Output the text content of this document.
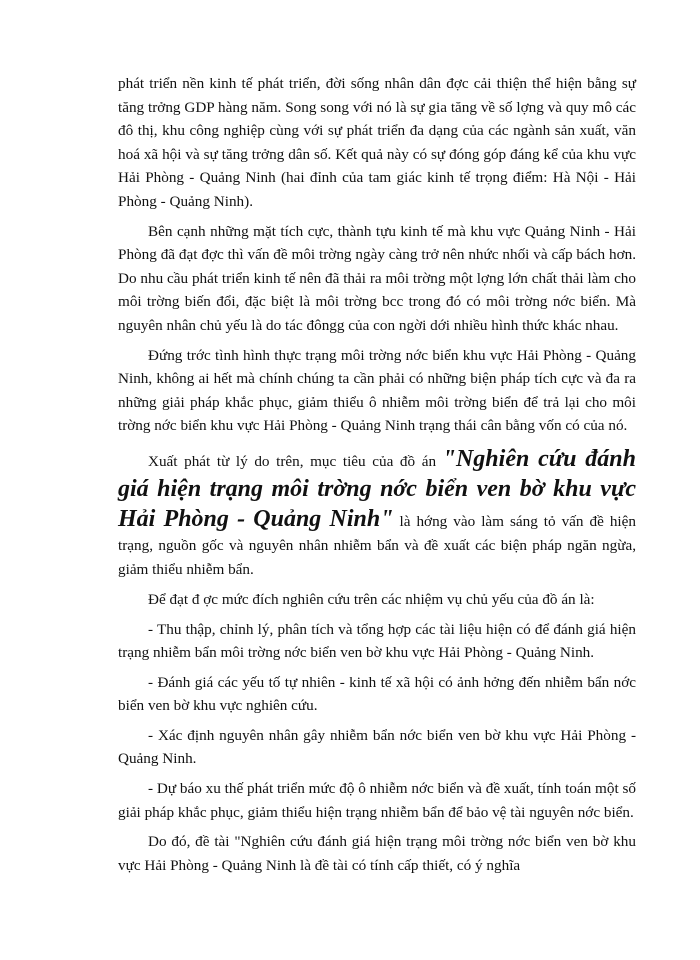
phát triển nền kinh tế phát triển, đời sống nhân dân đợc cải thiện thể hiện bằng sự tăng trởng GDP hàng năm. Song song với nó là sự gia tăng về số lợng và quy mô các đô thị, khu công nghiệp cùng với sự phát triển đa dạng của các ngành sản xuất, văn hoá xã hội và sự tăng trởng dân số. Kết quả này có sự đóng góp đáng kể của khu vực Hải Phòng - Quảng Ninh (hai đỉnh của tam giác kinh tế trọng điểm: Hà Nội - Hải Phòng - Quảng Ninh).

Bên cạnh những mặt tích cực, thành tựu kinh tế mà khu vực Quảng Ninh - Hải Phòng đã đạt đợc thì vấn đề môi trờng ngày càng trở nên nhức nhối và cấp bách hơn. Do nhu cầu phát triển kinh tế nên đã thải ra môi trờng một lợng lớn chất thải làm cho môi trờng biến đổi, đặc biệt là môi trờng bcc trong đó có môi trờng nớc biển. Mà nguyên nhân chủ yếu là do tác đôngg của con ngời dới nhiều hình thức khác nhau.

Đứng trớc tình hình thực trạng môi trờng nớc biển khu vực Hải Phòng - Quảng Ninh, không ai hết mà chính chúng ta cần phải có những biện pháp tích cực và đa ra những giải pháp khắc phục, giảm thiểu ô nhiễm môi trờng biển để trả lại cho môi trờng nớc biển khu vực Hải Phòng - Quảng Ninh trạng thái cân bằng vốn có của nó.

Xuất phát từ lý do trên, mục tiêu của đồ án "Nghiên cứu đánh giá hiện trạng môi trờng nớc biển ven bờ khu vực Hải Phòng - Quảng Ninh" là hớng vào làm sáng tỏ vấn đề hiện trạng, nguồn gốc và nguyên nhân nhiễm bẩn và đề xuất các biện pháp ngăn ngừa, giảm thiểu nhiễm bẩn.

Để đạt đ ợc mức đích nghiên cứu trên các nhiệm vụ chủ yếu của đồ án là:

- Thu thập, chỉnh lý, phân tích và tổng hợp các tài liệu hiện có để đánh giá hiện trạng nhiễm bẩn môi trờng nớc biển ven bờ khu vực Hải Phòng - Quảng Ninh.

- Đánh giá các yếu tố tự nhiên - kinh tế xã hội có ảnh hởng đến nhiễm bẩn nớc biển ven bờ khu vực nghiên cứu.

- Xác định nguyên nhân gây nhiễm bẩn nớc biển ven bờ khu vực Hải Phòng - Quảng Ninh.

- Dự báo xu thế phát triển mức độ ô nhiễm nớc biển và đề xuất, tính toán một số giải pháp khắc phục, giảm thiểu hiện trạng nhiễm bẩn để bảo vệ tài nguyên nớc biển.

Do đó, đề tài "Nghiên cứu đánh giá hiện trạng môi trờng nớc biển ven bờ khu vực Hải Phòng - Quảng Ninh là đề tài có tính cấp thiết, có ý nghĩa
